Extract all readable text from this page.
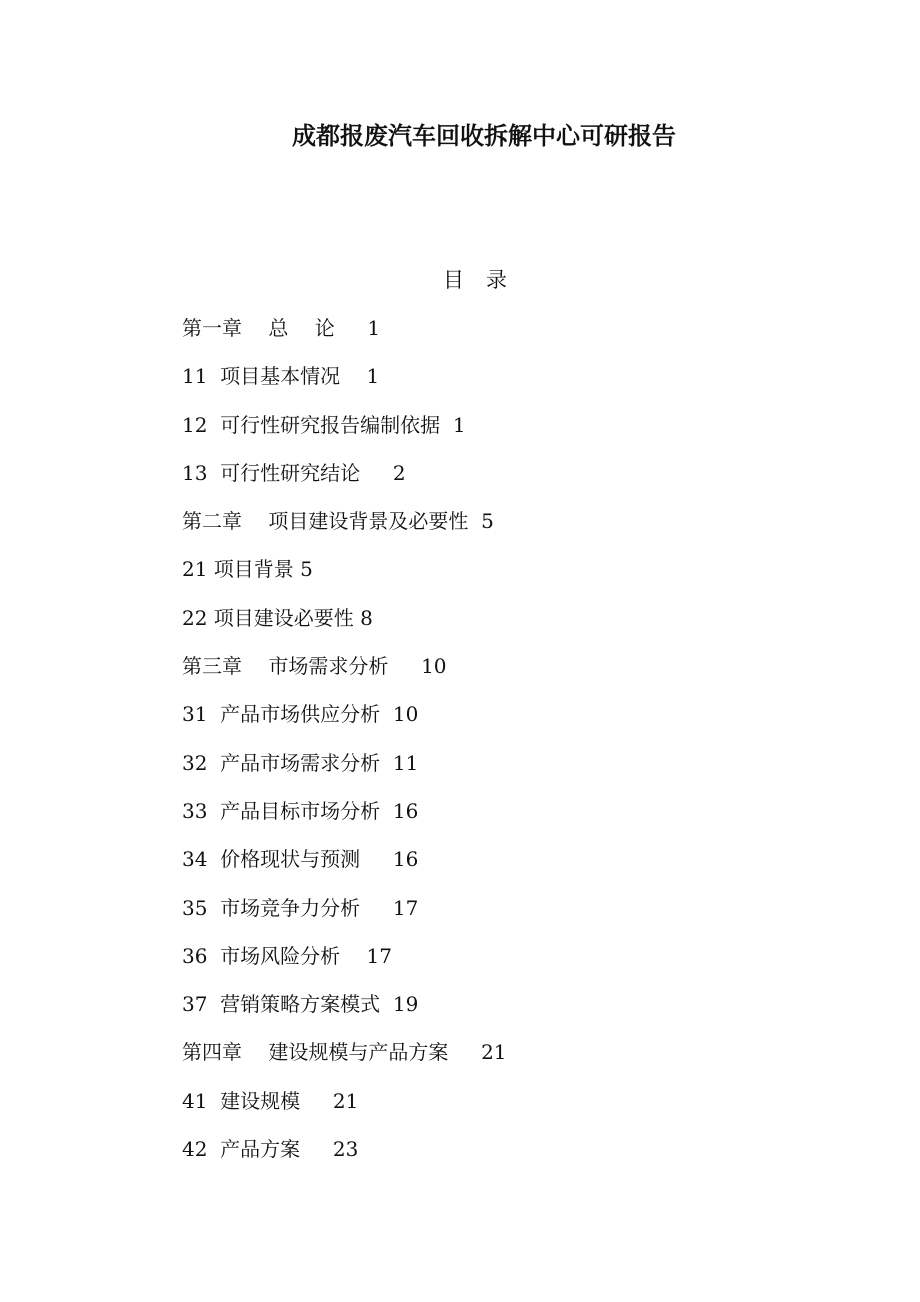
成都报废汽车回收拆解中心可研报告
目 录
第一章　 总　 论　  1
11  项目基本情况　 1
12  可行性研究报告编制依据  1
13  可行性研究结论　  2
第二章　 项目建设背景及必要性  5
21 项目背景 5
22 项目建设必要性 8
第三章　 市场需求分析　  10
31  产品市场供应分析  10
32  产品市场需求分析  11
33  产品目标市场分析  16
34  价格现状与预测　  16
35  市场竞争力分析　  17
36  市场风险分析　 17
37  营销策略方案模式  19
第四章　 建设规模与产品方案　  21
41  建设规模　  21
42  产品方案　  23
